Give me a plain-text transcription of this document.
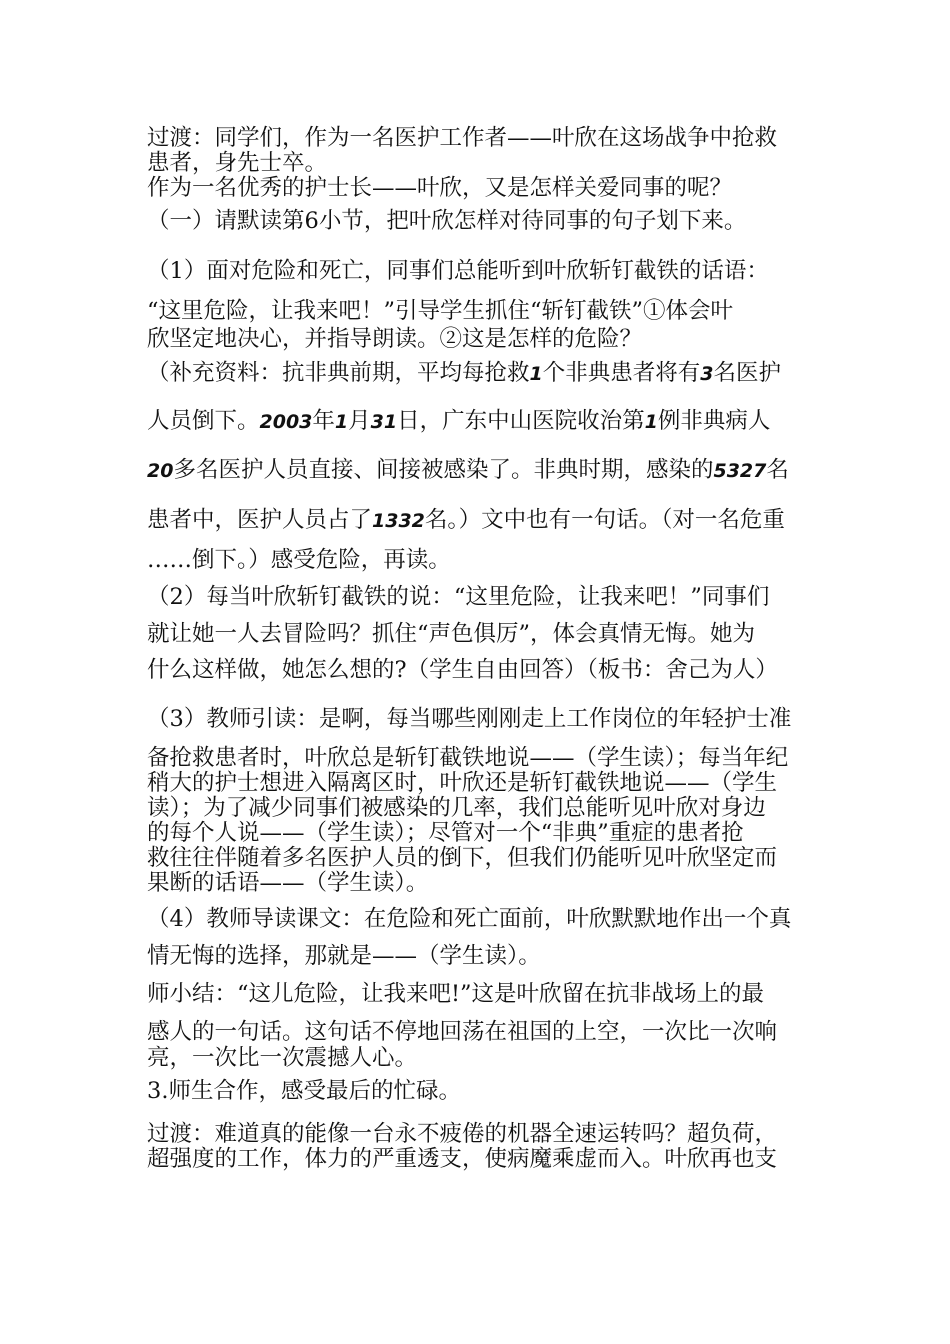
过渡：同学们，作为一名医护工作者——叶欣在这场战争中抢救
患者，身先士卒。
作为一名优秀的护士长——叶欣，又是怎样关爱同事的呢？
（一）请默读第6小节，把叶欣怎样对待同事的句子划下来。
（1）面对危险和死亡，同事们总能听到叶欣斩钉截铁的话语：
“这里危险，让我来吧！”引导学生抓住“斩钉截铁”①体会叶
欣坚定地决心，并指导朗读。②这是怎样的危险？
（补充资料：抗非典前期，平均每抢救1个非典患者将有3名医护
人员倒下。2003年1月31日，广东中山医院收治第1例非典病人
20多名医护人员直接、间接被感染了。非典时期，感染的5327名
患者中，医护人员占了1332名。）文中也有一句话。（对一名危重
……倒下。）感受危险，再读。
（2）每当叶欣斩钉截铁的说：“这里危险，让我来吧！”同事们
就让她一人去冒险吗？抓住“声色俱厉”，体会真情无悔。她为
什么这样做，她怎么想的?（学生自由回答）（板书：舍己为人）
（3）教师引读：是啊，每当哪些刚刚走上工作岗位的年轻护士准
备抢救患者时，叶欣总是斩钉截铁地说——（学生读）；每当年纪
稍大的护士想进入隔离区时，叶欣还是斩钉截铁地说——（学生
读）；为了减少同事们被感染的几率，我们总能听见叶欣对身边
的每个人说——（学生读）；尽管对一个“非典”重症的患者抢
救往往伴随着多名医护人员的倒下，但我们仍能听见叶欣坚定而
果断的话语——（学生读）。
（4）教师导读课文：在危险和死亡面前，叶欣默默地作出一个真
情无悔的选择，那就是——（学生读）。
师小结：“这儿危险，让我来吧!”这是叶欣留在抗非战场上的最
感人的一句话。这句话不停地回荡在祖国的上空，一次比一次响
亮，一次比一次震撼人心。
3.师生合作，感受最后的忙碌。
过渡：难道真的能像一台永不疲倦的机器全速运转吗？超负荷，
超强度的工作，体力的严重透支，使病魔乘虚而入。叶欣再也支
